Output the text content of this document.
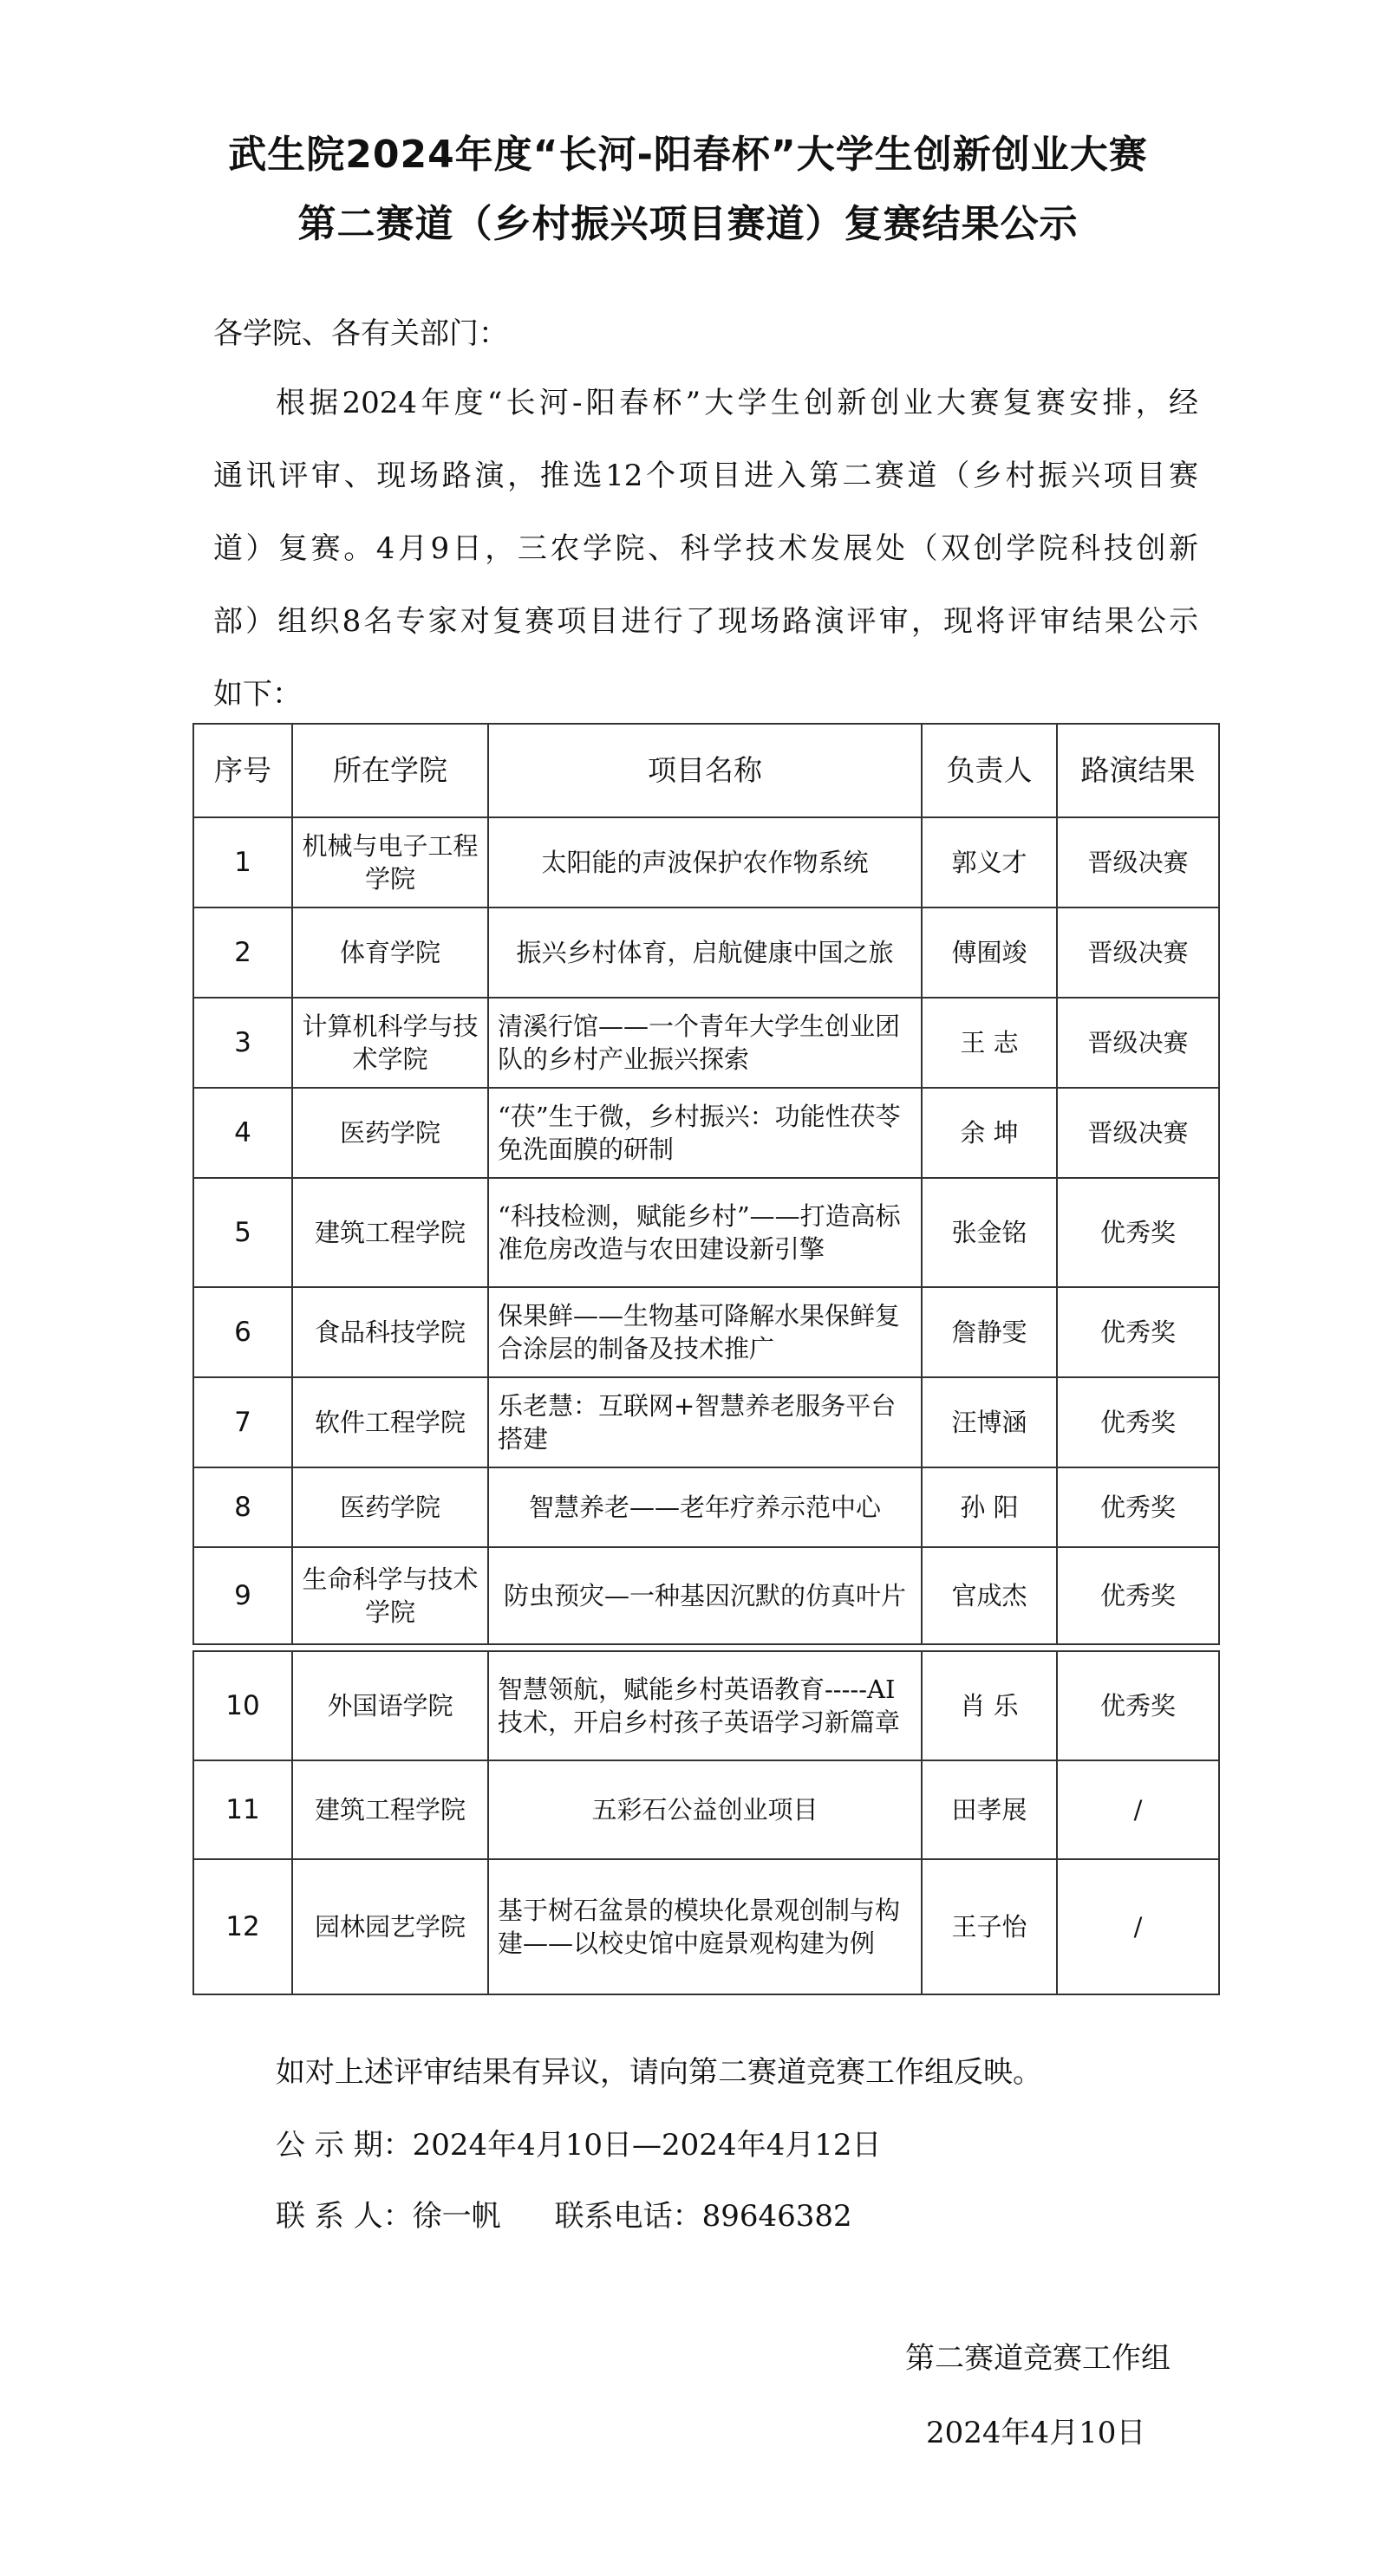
武生院2024年度“长河-阳春杯”大学生创新创业大赛
第二赛道（乡村振兴项目赛道）复赛结果公示
各学院、各有关部门：
根据2024年度“长河-阳春杯”大学生创新创业大赛复赛安排，经
通讯评审、现场路演，推选12个项目进入第二赛道（乡村振兴项目赛
道）复赛。4月9日，三农学院、科学技术发展处（双创学院科技创新
部）组织8名专家对复赛项目进行了现场路演评审，现将评审结果公示
如下：
序号	所在学院	项目名称	负责人	路演结果
1	机械与电子工程学院	太阳能的声波保护农作物系统	郭义才	晋级决赛
2	体育学院	振兴乡村体育，启航健康中国之旅	傅囿竣	晋级决赛
3	计算机科学与技术学院	清溪行馆——一个青年大学生创业团队的乡村产业振兴探索	王 志	晋级决赛
4	医药学院	“茯”生于微，乡村振兴：功能性茯苓免洗面膜的研制	余 坤	晋级决赛
5	建筑工程学院	“科技检测，赋能乡村”——打造高标准危房改造与农田建设新引擎	张金铭	优秀奖
6	食品科技学院	保果鲜——生物基可降解水果保鲜复合涂层的制备及技术推广	詹静雯	优秀奖
7	软件工程学院	乐老慧：互联网+智慧养老服务平台搭建	汪博涵	优秀奖
8	医药学院	智慧养老——老年疗养示范中心	孙 阳	优秀奖
9	生命科学与技术学院	防虫预灾—一种基因沉默的仿真叶片	官成杰	优秀奖

10	外国语学院	智慧领航，赋能乡村英语教育-----AI技术，开启乡村孩子英语学习新篇章	肖 乐	优秀奖
11	建筑工程学院	五彩石公益创业项目	田孝展	/
12	园林园艺学院	基于树石盆景的模块化景观创制与构建——以校史馆中庭景观构建为例	王子怡	/
如对上述评审结果有异议，请向第二赛道竞赛工作组反映。
公 示 期：2024年4月10日—2024年4月12日
联 系 人：徐一帆 联系电话：89646382
第二赛道竞赛工作组
2024年4月10日
